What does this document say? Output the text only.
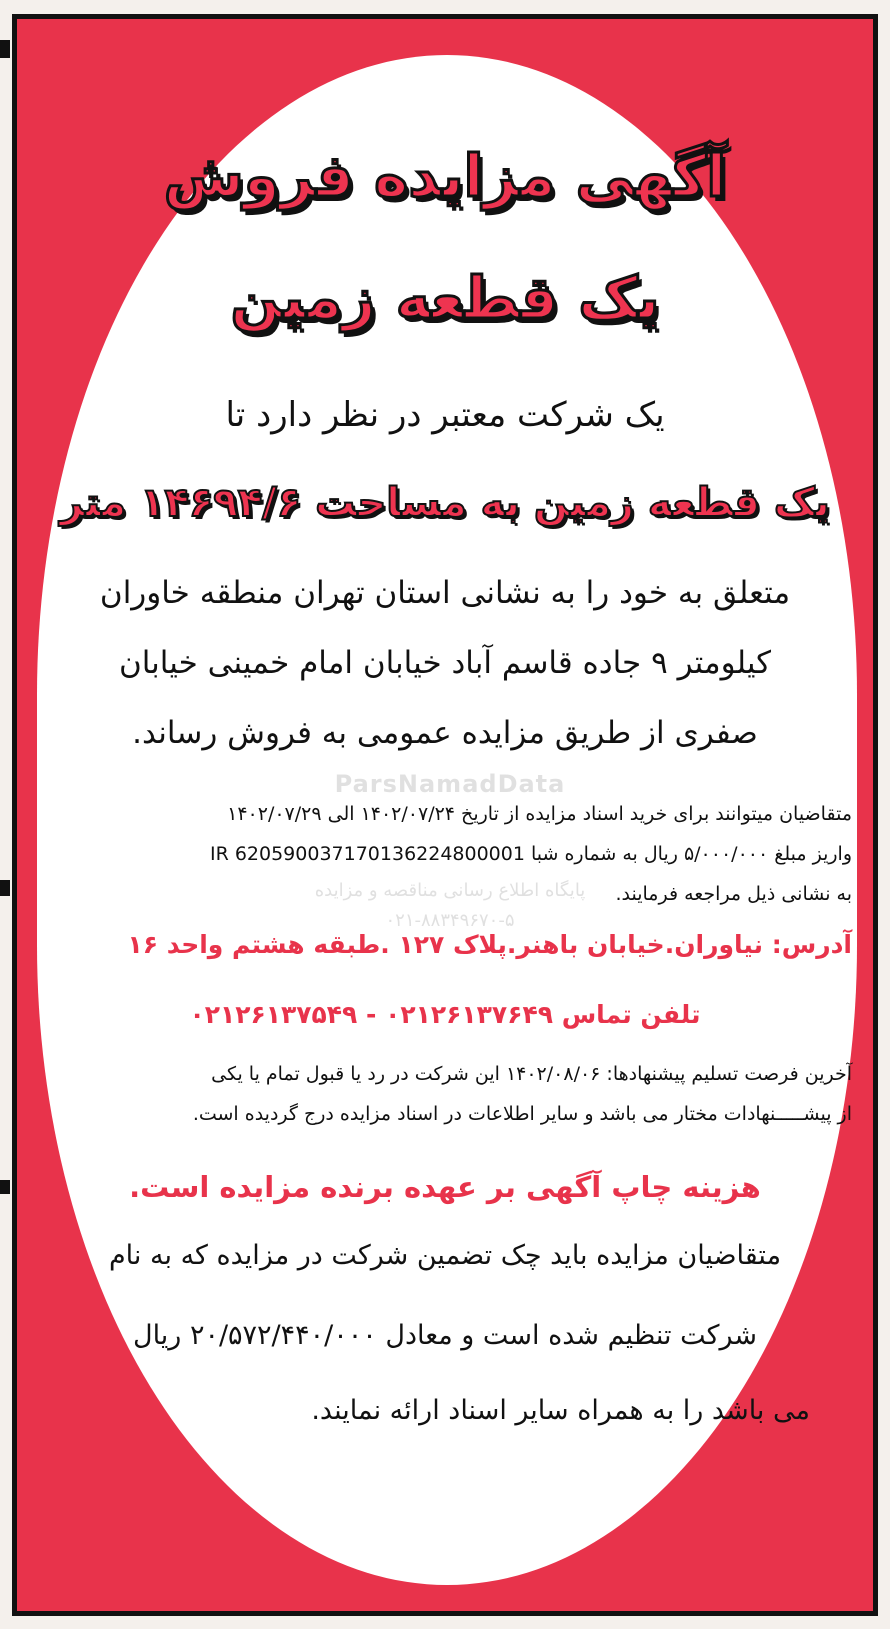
ParsNamadData
پایگاه اطلاع رسانی مناقصه و مزایده
۰۲۱-۸۸۳۴۹۶۷۰-۵
آگهی مزایده فروش
یک قطعه زمین
یک شرکت معتبر در نظر دارد تا
یک قطعه زمین به مساحت ۱۴۶۹۴/۶ متر
متعلق به خود را به نشانی استان تهران منطقه خاوران
کیلومتر ۹ جاده قاسم آباد خیابان امام خمینی خیابان
صفری از طریق مزایده عمومی به فروش رساند.
متقاضیان میتوانند برای خرید اسناد مزایده از تاریخ ۱۴۰۲/۰۷/۲۴ الی ۱۴۰۲/۰۷/۲۹
واریز مبلغ ۵/۰۰۰/۰۰۰ ریال به شماره شبا IR 620590037170136224800001
به نشانی ذیل مراجعه فرمایند.
آدرس: نیاوران.خیابان باهنر.پلاک ۱۲۷ .طبقه هشتم واحد ۱۶
تلفن تماس ۰۲۱۲۶۱۳۷۶۴۹ - ۰۲۱۲۶۱۳۷۵۴۹
آخرین فرصت تسلیم پیشنهادها: ۱۴۰۲/۰۸/۰۶ این شرکت در رد یا قبول تمام یا یکی
از پیشـــــنهادات مختار می باشد و سایر اطلاعات در اسناد مزایده درج گردیده است.
هزینه چاپ آگهی بر عهده برنده مزایده است.
متقاضیان مزایده باید چک تضمین شرکت در مزایده که به نام
شرکت تنظیم شده است و معادل ۲۰/۵۷۲/۴۴۰/۰۰۰ ریال
می باشد را به همراه سایر اسناد ارائه نمایند.
